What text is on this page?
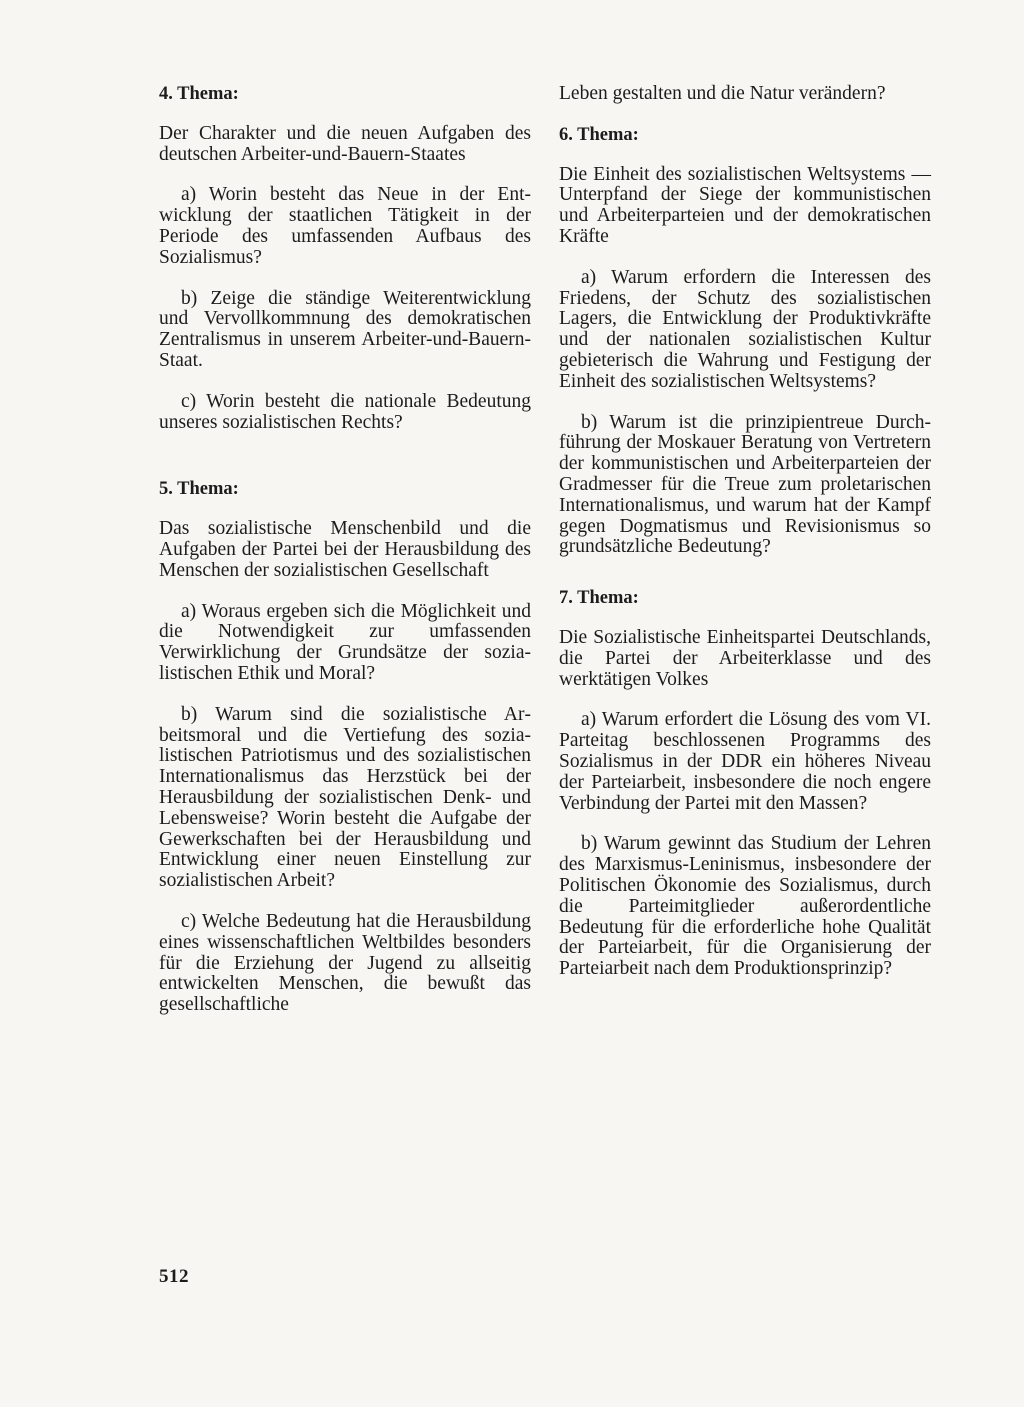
4. Thema:

Der Charakter und die neuen Aufgaben des deutschen Arbeiter-und-Bauern-Staates

a) Worin besteht das Neue in der Entwicklung der staatlichen Tätigkeit in der Periode des umfassenden Aufbaus des Sozialismus?

b) Zeige die ständige Weiterentwicklung und Vervollkommnung des demokratischen Zentralismus in unserem Arbeiter-und-Bauern-Staat.

c) Worin besteht die nationale Bedeutung unseres sozialistischen Rechts?

5. Thema:

Das sozialistische Menschenbild und die Aufgaben der Partei bei der Herausbildung des Menschen der sozialistischen Gesellschaft

a) Woraus ergeben sich die Möglichkeit und die Notwendigkeit zur umfassenden Verwirklichung der Grundsätze der sozialistischen Ethik und Moral?

b) Warum sind die sozialistische Arbeitsmoral und die Vertiefung des sozialistischen Patriotismus und des sozialistischen Internationalismus das Herzstück bei der Herausbildung der sozialistischen Denk- und Lebensweise? Worin besteht die Aufgabe der Gewerkschaften bei der Herausbildung und Entwicklung einer neuen Einstellung zur sozialistischen Arbeit?

c) Welche Bedeutung hat die Herausbildung eines wissenschaftlichen Weltbildes besonders für die Erziehung der Jugend zu allseitig entwickelten Menschen, die bewußt das gesellschaftliche

Leben gestalten und die Natur verändern?

6. Thema:

Die Einheit des sozialistischen Weltsystems — Unterpfand der Siege der kommunistischen und Arbeiterparteien und der demokratischen Kräfte

a) Warum erfordern die Interessen des Friedens, der Schutz des sozialistischen Lagers, die Entwicklung der Produktivkräfte und der nationalen sozialistischen Kultur gebieterisch die Wahrung und Festigung der Einheit des sozialistischen Weltsystems?

b) Warum ist die prinzipientreue Durchführung der Moskauer Beratung von Vertretern der kommunistischen und Arbeiterparteien der Gradmesser für die Treue zum proletarischen Internationalismus, und warum hat der Kampf gegen Dogmatismus und Revisionismus so grundsätzliche Bedeutung?

7. Thema:

Die Sozialistische Einheitspartei Deutschlands, die Partei der Arbeiterklasse und des werktätigen Volkes

a) Warum erfordert die Lösung des vom VI. Parteitag beschlossenen Programms des Sozialismus in der DDR ein höheres Niveau der Parteiarbeit, insbesondere die noch engere Verbindung der Partei mit den Massen?

b) Warum gewinnt das Studium der Lehren des Marxismus-Leninismus, insbesondere der Politischen Ökonomie des Sozialismus, durch die Parteimitglieder außerordentliche Bedeutung für die erforderliche hohe Qualität der Parteiarbeit, für die Organisierung der Parteiarbeit nach dem Produktionsprinzip?

512
